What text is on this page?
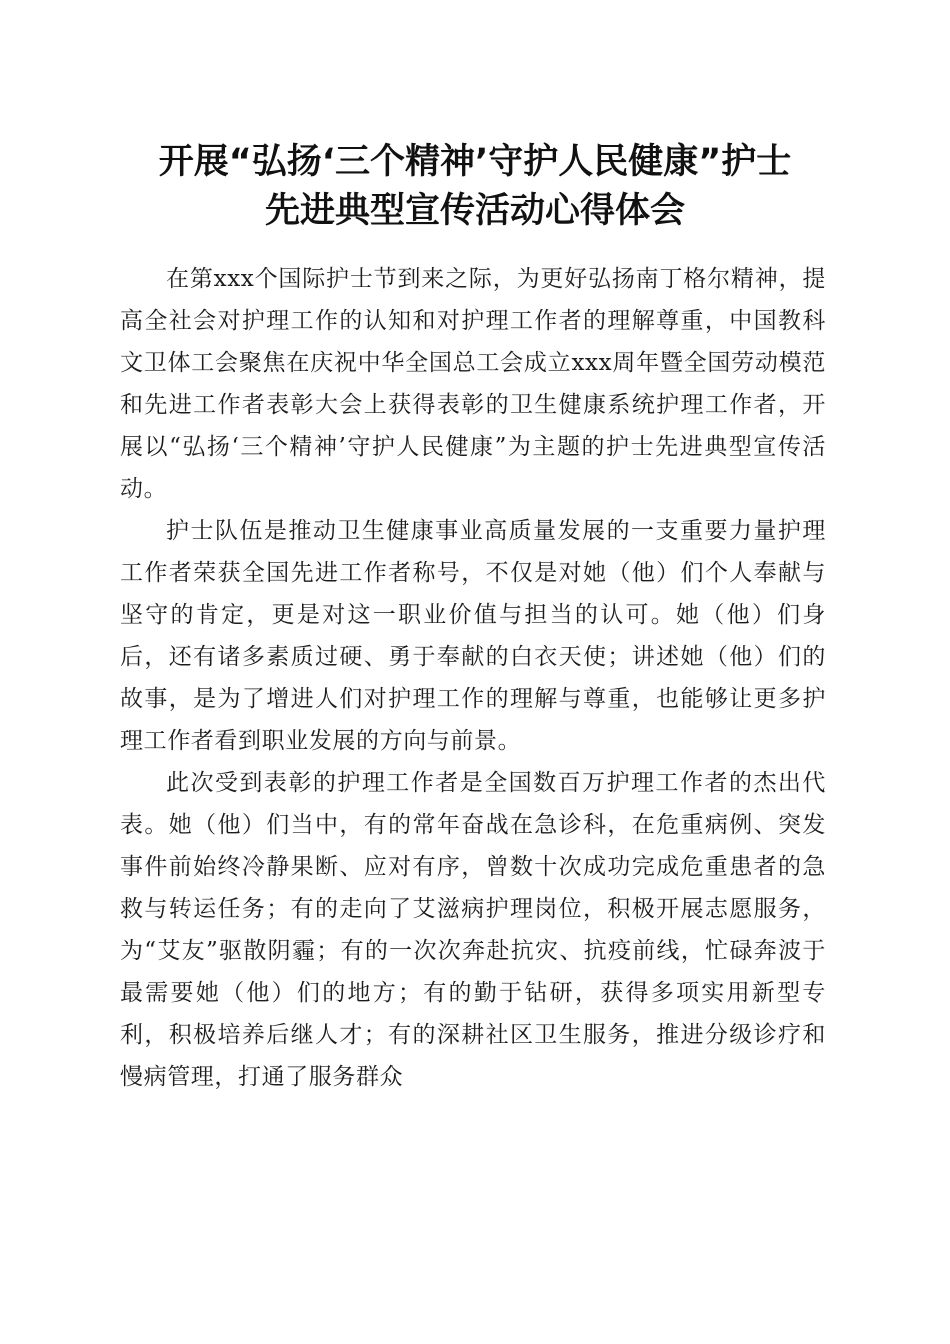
开展“弘扬‘三个精神’守护人民健康”护士
先进典型宣传活动心得体会

在第xxx个国际护士节到来之际，为更好弘扬南丁格尔精神，提高全社会对护理工作的认知和对护理工作者的理解尊重，中国教科文卫体工会聚焦在庆祝中华全国总工会成立xxx周年暨全国劳动模范和先进工作者表彰大会上获得表彰的卫生健康系统护理工作者，开展以“弘扬‘三个精神’守护人民健康”为主题的护士先进典型宣传活动。

护士队伍是推动卫生健康事业高质量发展的一支重要力量护理工作者荣获全国先进工作者称号，不仅是对她（他）们个人奉献与坚守的肯定，更是对这一职业价值与担当的认可。她（他）们身后，还有诸多素质过硬、勇于奉献的白衣天使；讲述她（他）们的故事，是为了增进人们对护理工作的理解与尊重，也能够让更多护理工作者看到职业发展的方向与前景。

此次受到表彰的护理工作者是全国数百万护理工作者的杰出代表。她（他）们当中，有的常年奋战在急诊科，在危重病例、突发事件前始终冷静果断、应对有序，曾数十次成功完成危重患者的急救与转运任务；有的走向了艾滋病护理岗位，积极开展志愿服务，为“艾友”驱散阴霾；有的一次次奔赴抗灾、抗疫前线，忙碌奔波于最需要她（他）们的地方；有的勤于钻研，获得多项实用新型专利，积极培养后继人才；有的深耕社区卫生服务，推进分级诊疗和慢病管理，打通了服务群众
